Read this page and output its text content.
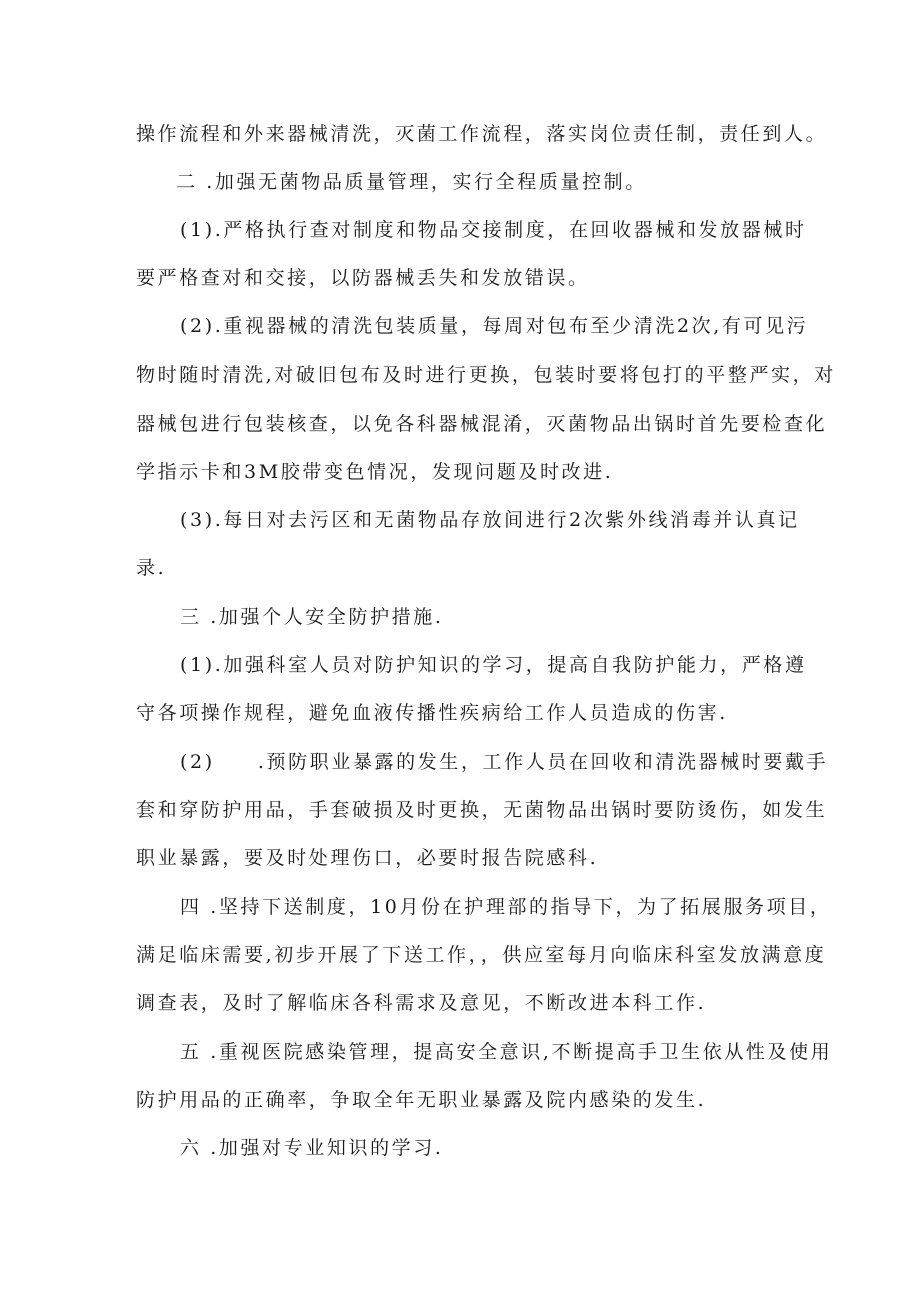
操作流程和外来器械清洗，灭菌工作流程，落实岗位责任制，责任到人。
二 .加强无菌物品质量管理，实行全程质量控制。
(1).严格执行查对制度和物品交接制度，在回收器械和发放器械时
要严格查对和交接，以防器械丢失和发放错误。
(2).重视器械的清洗包装质量，每周对包布至少清洗2次,有可见污
物时随时清洗,对破旧包布及时进行更换，包装时要将包打的平整严实，对
器械包进行包装核查，以免各科器械混淆，灭菌物品出锅时首先要检查化
学指示卡和3M胶带变色情况，发现问题及时改进.
(3).每日对去污区和无菌物品存放间进行2次紫外线消毒并认真记
录.
三 .加强个人安全防护措施.
(1).加强科室人员对防护知识的学习，提高自我防护能力，严格遵
守各项操作规程，避免血液传播性疾病给工作人员造成的伤害.
(2)　　.预防职业暴露的发生，工作人员在回收和清洗器械时要戴手
套和穿防护用品，手套破损及时更换，无菌物品出锅时要防烫伤，如发生
职业暴露，要及时处理伤口，必要时报告院感科.
四 .坚持下送制度，10月份在护理部的指导下，为了拓展服务项目，
满足临床需要,初步开展了下送工作，，供应室每月向临床科室发放满意度
调查表，及时了解临床各科需求及意见，不断改进本科工作.
五 .重视医院感染管理，提高安全意识,不断提高手卫生依从性及使用
防护用品的正确率，争取全年无职业暴露及院内感染的发生.
六 .加强对专业知识的学习.
